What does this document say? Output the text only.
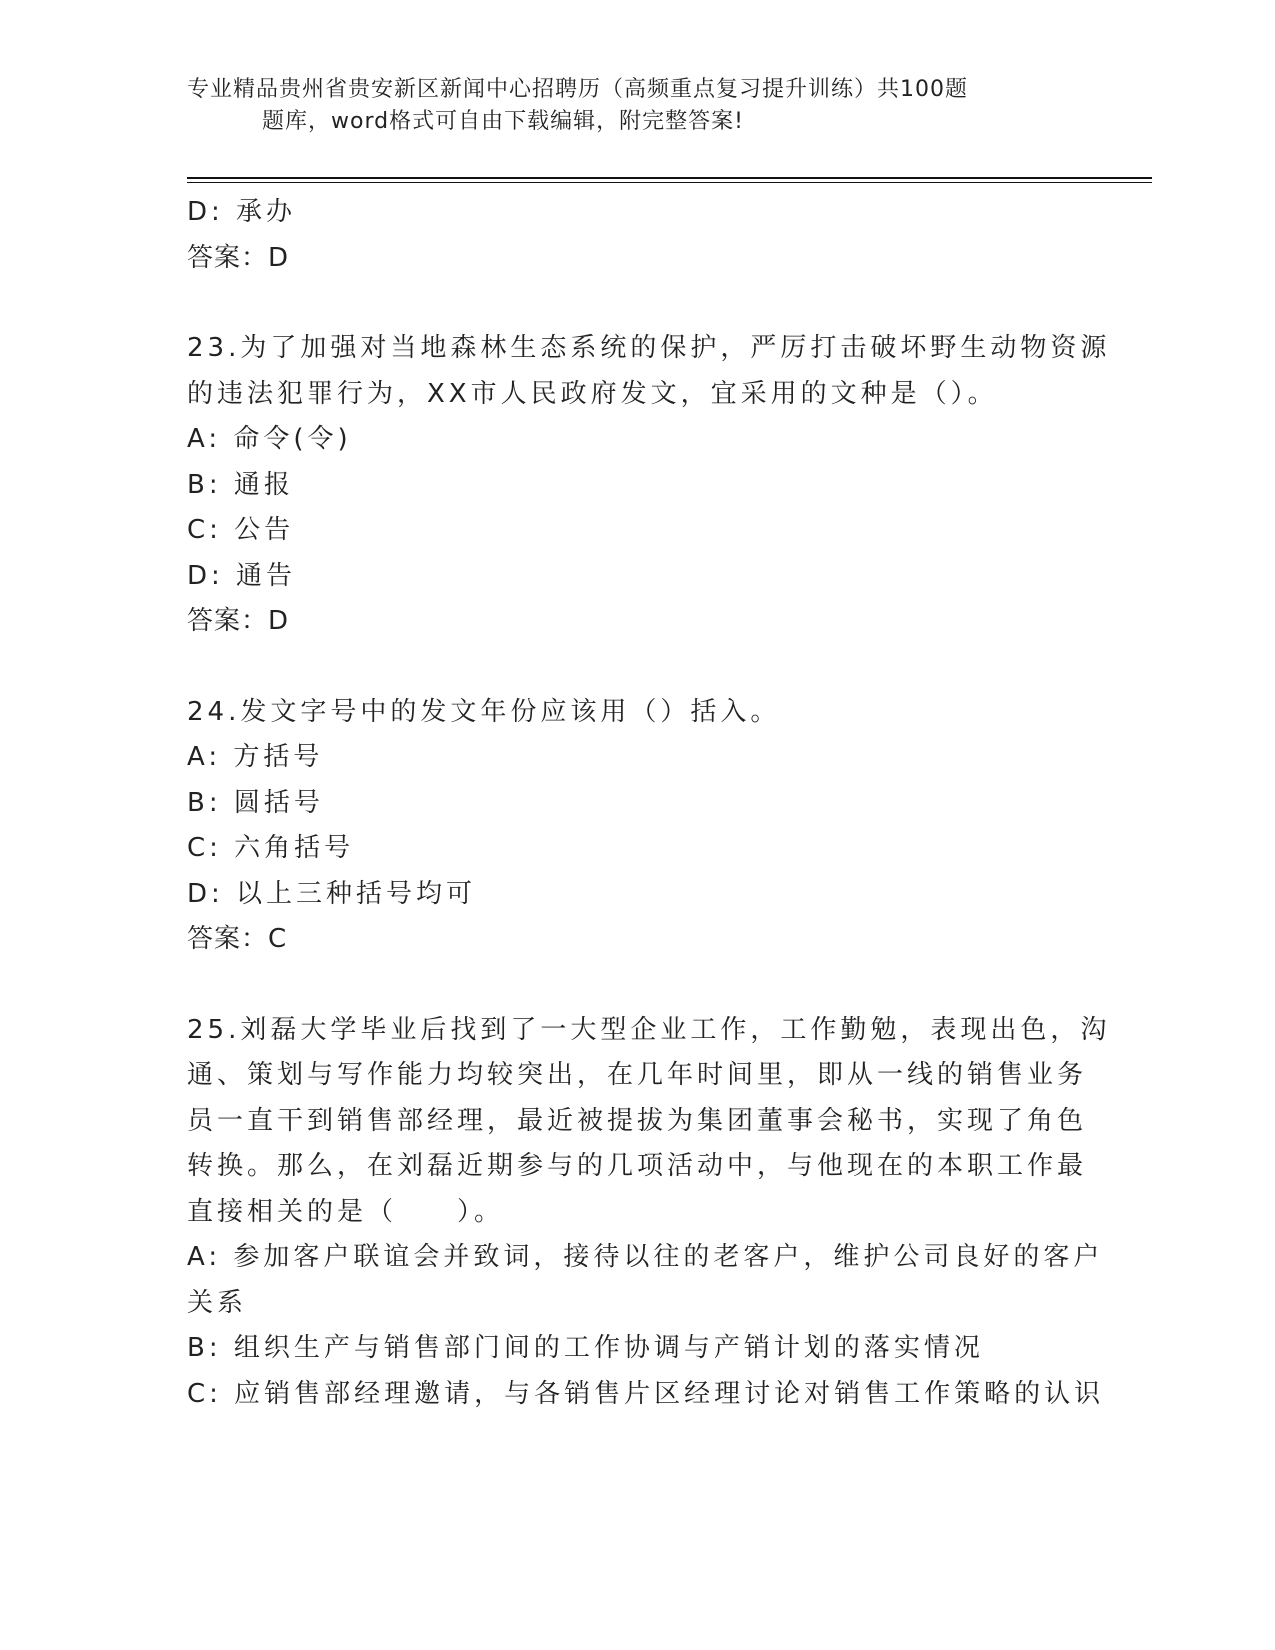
专业精品贵州省贵安新区新闻中心招聘历（高频重点复习提升训练）共100题
题库，word格式可自由下载编辑，附完整答案!
D: 承办
答案：D
23.为了加强对当地森林生态系统的保护，严厉打击破坏野生动物资源
的违法犯罪行为，XX市人民政府发文，宜采用的文种是（）。
A: 命令(令)
B: 通报
C: 公告
D: 通告
答案：D
24.发文字号中的发文年份应该用（）括入。
A: 方括号
B: 圆括号
C: 六角括号
D: 以上三种括号均可
答案：C
25.刘磊大学毕业后找到了一大型企业工作，工作勤勉，表现出色，沟
通、策划与写作能力均较突出，在几年时间里，即从一线的销售业务
员一直干到销售部经理，最近被提拔为集团董事会秘书，实现了角色
转换。那么，在刘磊近期参与的几项活动中，与他现在的本职工作最
直接相关的是（　　）。
A: 参加客户联谊会并致词，接待以往的老客户，维护公司良好的客户
关系
B: 组织生产与销售部门间的工作协调与产销计划的落实情况
C: 应销售部经理邀请，与各销售片区经理讨论对销售工作策略的认识
